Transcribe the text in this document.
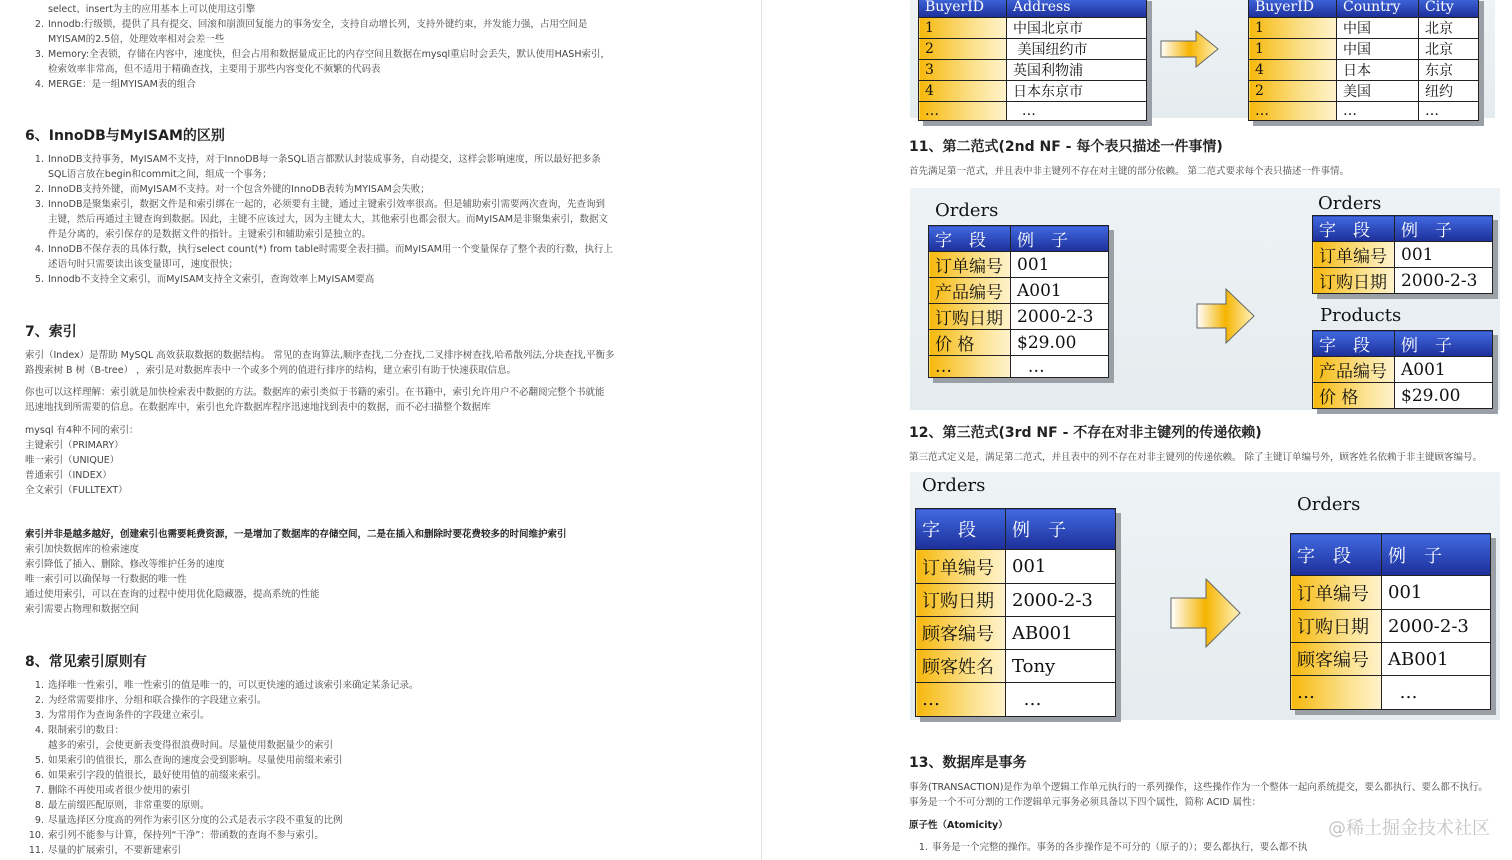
select、insert为主的应用基本上可以使用这引擎
2. Innodb:行级锁，提供了具有提交、回滚和崩溃回复能力的事务安全，支持自动增长列，支持外键约束，并发能力强，占用空间是
MYISAM的2.5倍，处理效率相对会差一些
3. Memory:全表锁，存储在内容中，速度快，但会占用和数据量成正比的内存空间且数据在mysql重启时会丢失，默认使用HASH索引，
检索效率非常高，但不适用于精确查找，主要用于那些内容变化不频繁的代码表
4. MERGE：是一组MYISAM表的组合
6、InnoDB与MyISAM的区别
1. InnoDB支持事务，MyISAM不支持，对于InnoDB每一条SQL语言都默认封装成事务，自动提交，这样会影响速度，所以最好把多条
SQL语言放在begin和commit之间，组成一个事务；
2. InnoDB支持外键，而MyISAM不支持。对一个包含外键的InnoDB表转为MYISAM会失败；
3. InnoDB是聚集索引，数据文件是和索引绑在一起的，必须要有主键，通过主键索引效率很高。但是辅助索引需要两次查询，先查询到
主键，然后再通过主键查询到数据。因此，主键不应该过大，因为主键太大，其他索引也都会很大。而MyISAM是非聚集索引，数据文
件是分离的，索引保存的是数据文件的指针。主键索引和辅助索引是独立的。
4. InnoDB不保存表的具体行数，执行select count(*) from table时需要全表扫描。而MyISAM用一个变量保存了整个表的行数，执行上
述语句时只需要读出该变量即可，速度很快；
5. Innodb不支持全文索引，而MyISAM支持全文索引，查询效率上MyISAM要高
7、索引
索引（Index）是帮助 MySQL 高效获取数据的数据结构。 常见的查询算法,顺序查找,二分查找,二叉排序树查找,哈希散列法,分块查找,平衡多
路搜索树 B 树（B-tree） ，索引是对数据库表中一个或多个列的值进行排序的结构，建立索引有助于快速获取信息。
你也可以这样理解：索引就是加快检索表中数据的方法。数据库的索引类似于书籍的索引。在书籍中，索引允许用户不必翻阅完整个书就能
迅速地找到所需要的信息。在数据库中，索引也允许数据库程序迅速地找到表中的数据，而不必扫描整个数据库
mysql 有4种不同的索引：
主键索引（PRIMARY）
唯一索引（UNIQUE）
普通索引（INDEX）
全文索引（FULLTEXT）
索引并非是越多越好，创建索引也需要耗费资源，一是增加了数据库的存储空间，二是在插入和删除时要花费较多的时间维护索引
索引加快数据库的检索速度
索引降低了插入、删除、修改等维护任务的速度
唯一索引可以确保每一行数据的唯一性
通过使用索引，可以在查询的过程中使用优化隐藏器，提高系统的性能
索引需要占物理和数据空间
8、常见索引原则有
1. 选择唯一性索引，唯一性索引的值是唯一的，可以更快速的通过该索引来确定某条记录。
2. 为经常需要排序、分组和联合操作的字段建立索引。
3. 为常用作为查询条件的字段建立索引。
4. 限制索引的数目：
越多的索引，会使更新表变得很浪费时间。尽量使用数据量少的索引
5. 如果索引的值很长，那么查询的速度会受到影响。尽量使用前缀来索引
6. 如果索引字段的值很长，最好使用值的前缀来索引。
7. 删除不再使用或者很少使用的索引
8. 最左前缀匹配原则，非常重要的原则。
9. 尽量选择区分度高的列作为索引区分度的公式是表示字段不重复的比例
10. 索引列不能参与计算，保持列“干净”：带函数的查询不参与索引。
11. 尽量的扩展索引，不要新建索引
11、第二范式(2nd NF - 每个表只描述一件事情)
首先满足第一范式，并且表中非主键列不存在对主键的部分依赖。 第二范式要求每个表只描述一件事情。
Orders	Orders
Products
12、第三范式(3rd NF - 不存在对非主键列的传递依赖)
第三范式定义是，满足第二范式，并且表中的列不存在对非主键列的传递依赖。 除了主键订单编号外，顾客姓名依赖于非主键顾客编号。
Orders
Orders
13、数据库是事务
事务(TRANSACTION)是作为单个逻辑工作单元执行的一系列操作，这些操作作为一个整体一起向系统提交，要么都执行、要么都不执行。
事务是一个不可分割的工作逻辑单元事务必须具备以下四个属性，简称 ACID 属性：
原子性（Atomicity）
1. 事务是一个完整的操作。事务的各步操作是不可分的（原子的）；要么都执行，要么都不执
@稀土掘金技术社区
BuyerID	Address
1	中国北京市
2	美国纽约市
3	英国利物浦
4	日本东京市
…	…
BuyerID	Country	City
1	中国	北京
1	中国	北京
4	日本	东京
2	美国	纽约
…	…	…
字　段	例　子
订单编号	001
产品编号	A001
订购日期	2000-2-3
价 格	$29.00
…	…
字　段	例　子
订单编号	001
订购日期	2000-2-3
字　段	例　子
产品编号	A001
价 格	$29.00
字　段	例　子
订单编号	001
订购日期	2000-2-3
顾客编号	AB001
顾客姓名	Tony
…	…
字　段	例　子
订单编号	001
订购日期	2000-2-3
顾客编号	AB001
…	…
